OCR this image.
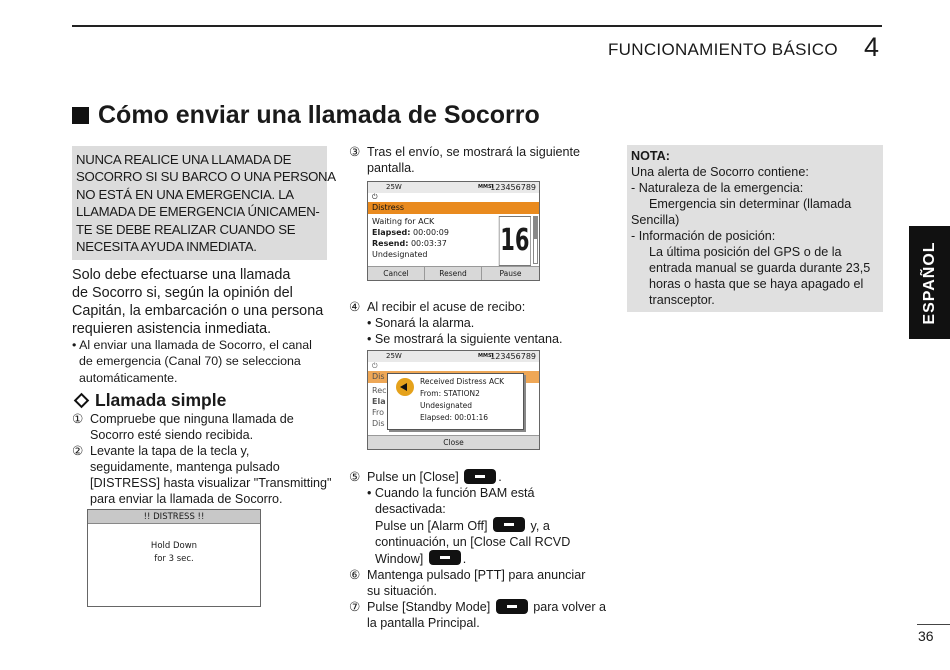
FUNCIONAMIENTO BÁSICO 4
Cómo enviar una llamada de Socorro
NUNCA REALICE UNA LLAMADA DE
SOCORRO SI SU BARCO O UNA PERSONA
NO ESTÁ EN UNA EMERGENCIA. LA
LLAMADA DE EMERGENCIA ÚNICAMEN-
TE SE DEBE REALIZAR CUANDO SE
NECESITA AYUDA INMEDIATA.
Solo debe efectuarse una llamada
de Socorro si, según la opinión del
Capitán, la embarcación o una persona
requieren asistencia inmediata.
• Al enviar una llamada de Socorro, el canal
de emergencia (Canal 70) se selecciona
automáticamente.
Llamada simple
① Compruebe que ninguna llamada de
Socorro esté siendo recibida.
② Levante la tapa de la tecla y,
seguidamente, mantenga pulsado
[DISTRESS] hasta visualizar "Transmitting"
para enviar la llamada de Socorro.
!! DISTRESS !!
Hold Down
for 3 sec.
③ Tras el envío, se mostrará la siguiente
pantalla.
25W	MMSI
123456789
⏻
Distress
Waiting for ACK
Elapsed: 00:00:09
Resend: 00:03:37
Undesignated	16
Cancel	Resend	Pause
④ Al recibir el acuse de recibo:
• Sonará la alarma.
• Se mostrará la siguiente ventana.
25W	MMSI
123456789
⏻
Dis
Rec
Ela
Fro
Dis
Received Distress ACK
From: STATION2
Undesignated
Elapsed: 00:01:16
Close
⑤ Pulse un [Close]
	.
• Cuando la función BAM está
desactivada:
Pulse un [Alarm Off]	y, a
continuación, un [Close Call RCVD
Window]	.
⑥ Mantenga pulsado [PTT] para anunciar
su situación.
⑦ Pulse [Standby Mode]

	para volver a
la pantalla Principal.
NOTA:
Una alerta de Socorro contiene:
- Naturaleza de la emergencia:
Emergencia sin determinar (llamada
Sencilla)
- Información de posición:
La última posición del GPS o de la
entrada manual se guarda durante 23,5
horas o hasta que se haya apagado el
transceptor.	ESPAÑOL
36
